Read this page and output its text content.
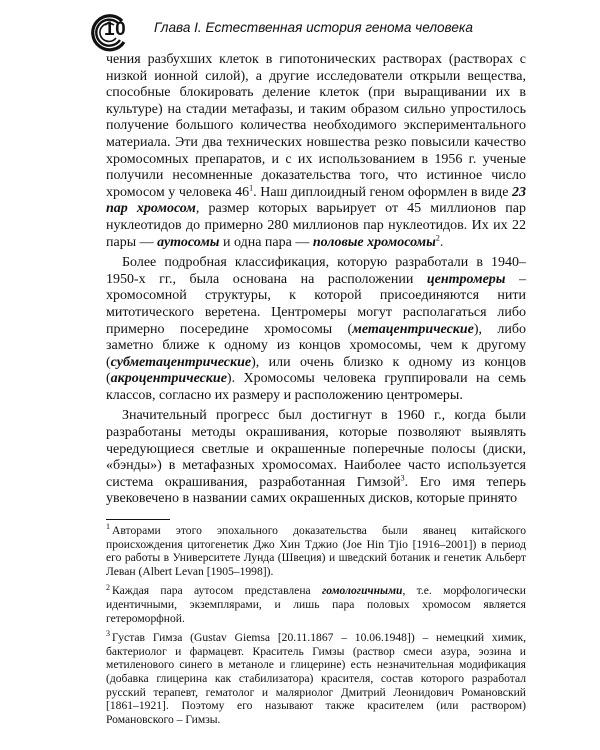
10 Глава I. Естественная история генома человека

чения разбухших клеток в гипотонических растворах (растворах с низкой ионной силой), а другие исследователи открыли вещества, способные блокировать деление клеток (при выращивании их в культуре) на стадии метафазы, и таким образом сильно упростилось получение большого количества необходимого экспериментального материала. Эти два технических новшества резко повысили качество хромосомных препаратов, и с их использованием в 1956 г. ученые получили несомненные доказательства того, что истинное число хромосом у человека $46^1$. Наш диплоидный геном оформлен в виде 23 пар хромосом, размер которых варьирует от 45 миллионов пар нуклеотидов до примерно 280 миллионов пар нуклеотидов. Их их 22 пары — аутосомы и одна пара — половые хромосомы$^2$.

Более подробная классификация, которую разработали в 1940–1950-х гг., была основана на расположении центромеры – хромосомной структуры, к которой присоединяются нити митотического веретена. Центромеры могут располагаться либо примерно посередине хромосомы (метацентрические), либо заметно ближе к одному из концов хромосомы, чем к другому (субметацентрические), или очень близко к одному из концов (акроцентрические). Хромосомы человека группировали на семь классов, согласно их размеру и расположению центромеры.

Значительный прогресс был достигнут в 1960 г., когда были разработаны методы окрашивания, которые позволяют выявлять чередующиеся светлые и окрашенные поперечные полосы (диски, «бэнды») в метафазных хромосомах. Наиболее часто используется система окрашивания, разработанная Гимзой$^3$. Его имя теперь увековечено в названии самих окрашенных дисков, которые принято

$^1$ Авторами этого эпохального доказательства были яванец китайского происхождения цитогенетик Джо Хин Тджио (Joe Hin Tjio [1916–2001]) в период его работы в Университете Лунда (Швеция) и шведский ботаник и генетик Альберт Леван (Albert Levan [1905–1998]).

$^2$ Каждая пара аутосом представлена гомологичными, т.е. морфологически идентичными, экземплярами, и лишь пара половых хромосом является гетероморфной.

$^3$ Густав Гимза (Gustav Giemsa [20.11.1867 – 10.06.1948]) – немецкий химик, бактериолог и фармацевт. Краситель Гимзы (раствор смеси азура, эозина и метиленового синего в метаноле и глицерине) есть незначительная модификация (добавка глицерина как стабилизатора) красителя, состав которого разработал русский терапевт, гематолог и маляриолог Дмитрий Леонидович Романовский [1861–1921]. Поэтому его называют также красителем (или раствором) Романовского – Гимзы.
